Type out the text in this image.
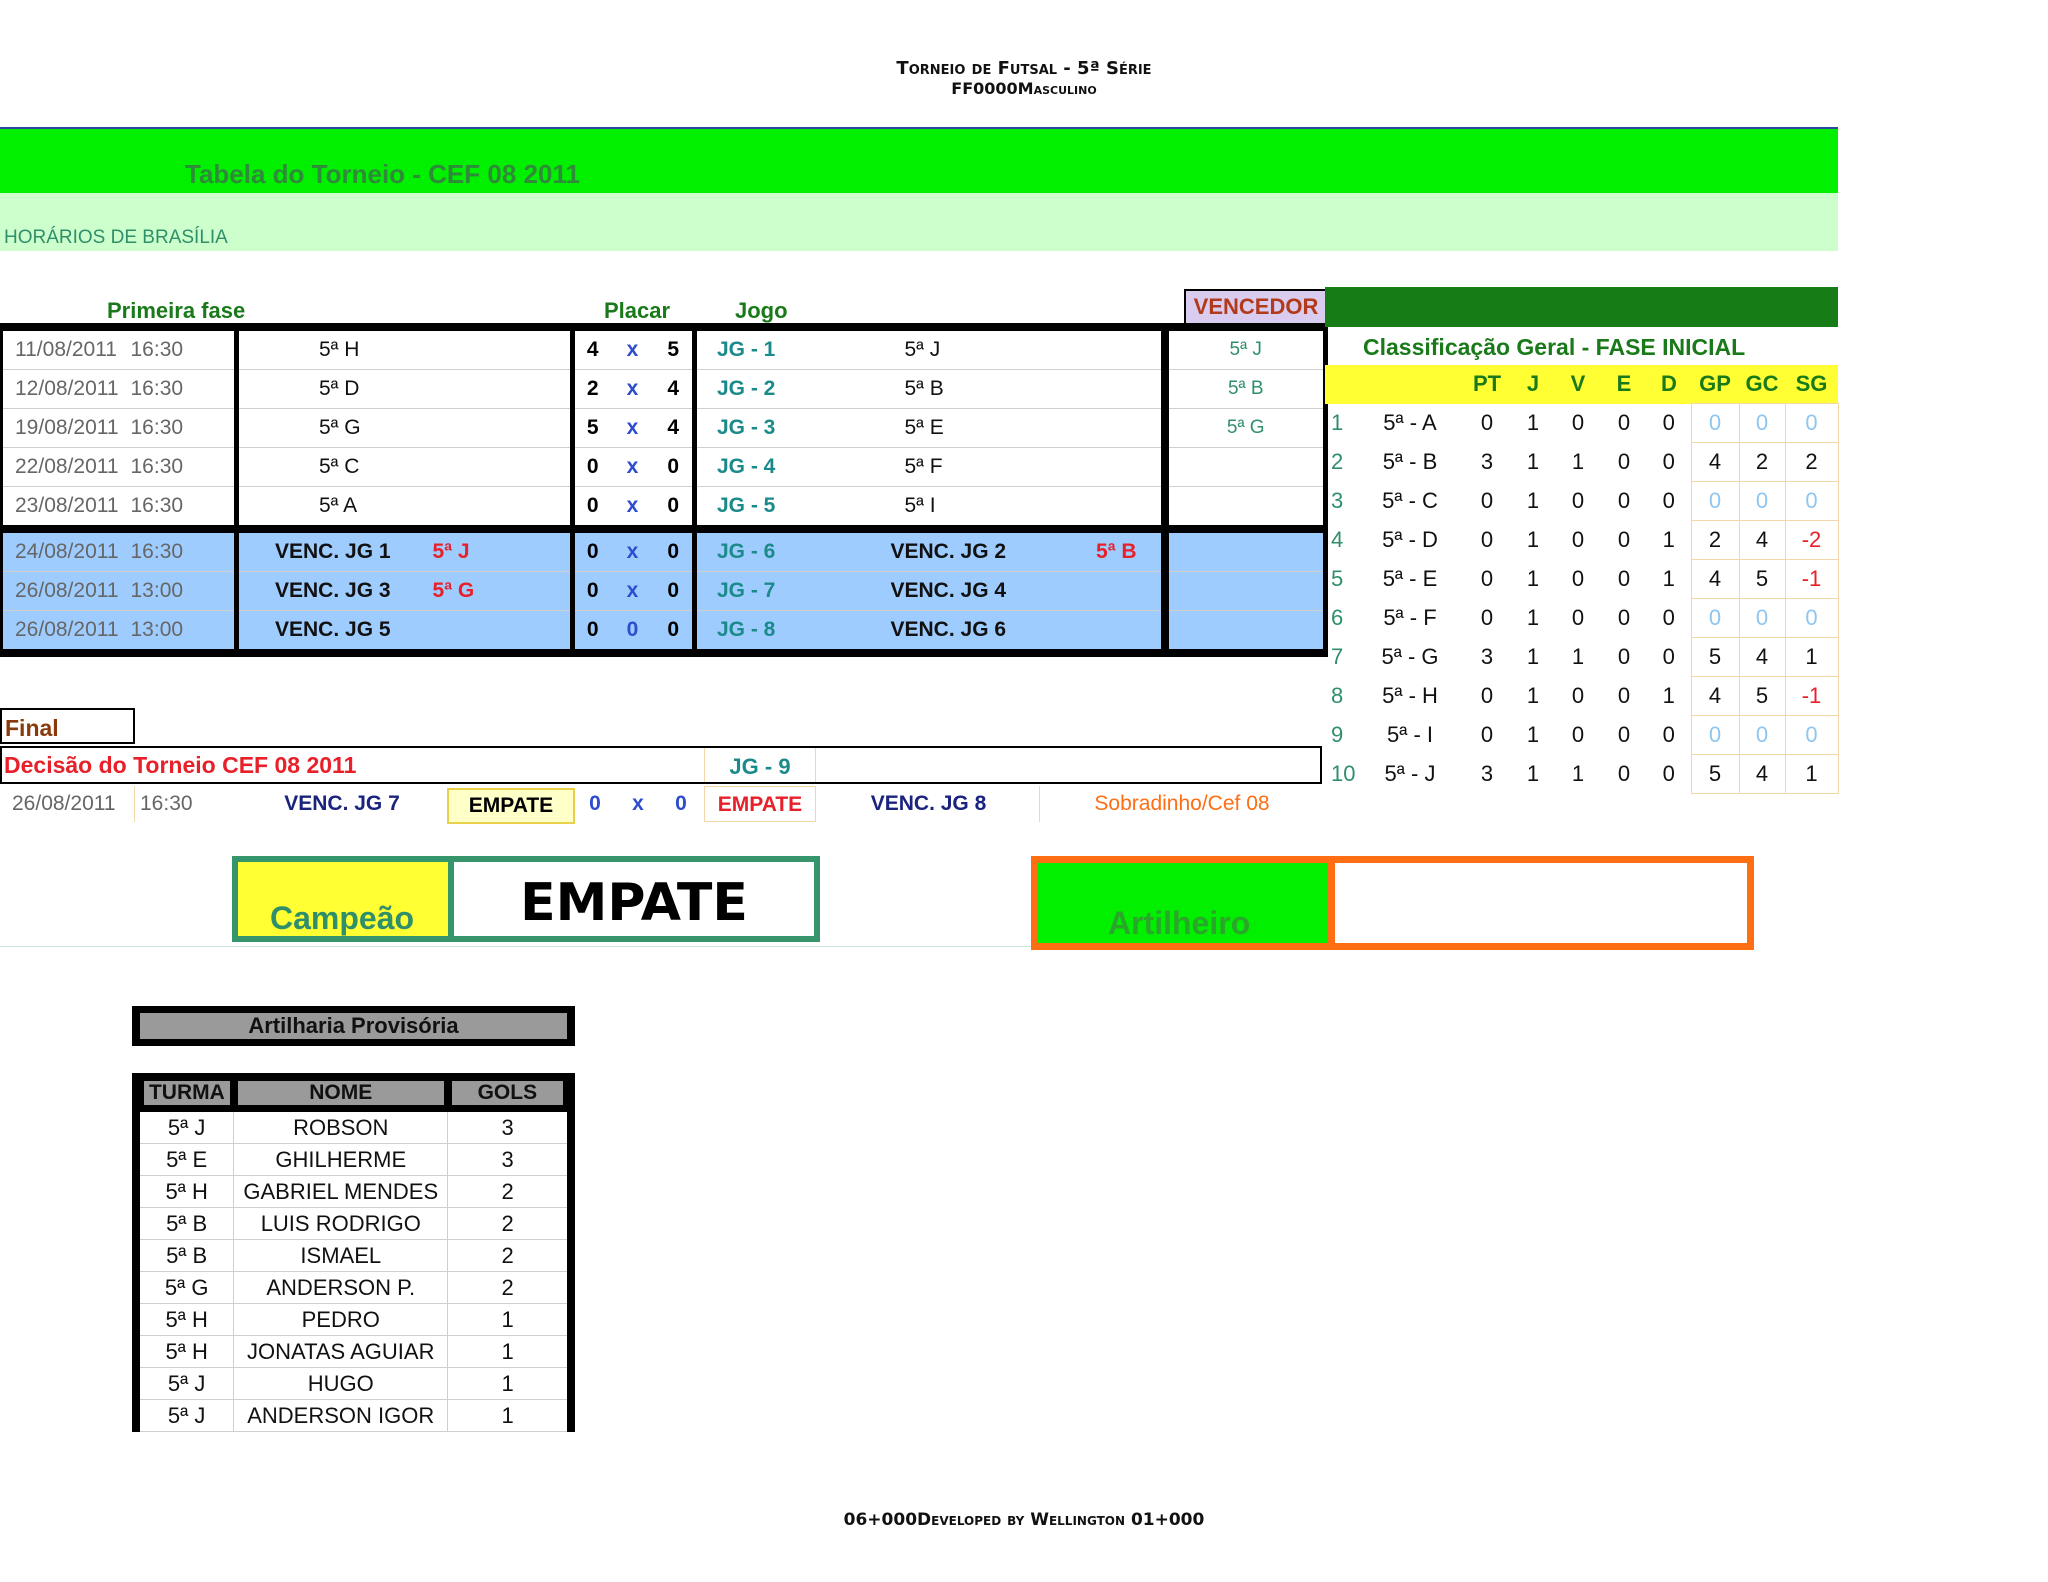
Torneio de Futsal - 5ª Série
FF0000Masculino
Tabela do Torneio - CEF 08 2011
HORÁRIOS DE BRASÍLIA
Primeira fase	Placar	Jogo	VENCEDOR
11/08/2011	16:30	5ª H	4	x	5	JG - 1	5ª J	5ª J
12/08/2011	16:30	5ª D	2	x	4	JG - 2	5ª B	5ª B
19/08/2011	16:30	5ª G	5	x	4	JG - 3	5ª E	5ª G
22/08/2011	16:30	5ª C	0	x	0	JG - 4	5ª F	
23/08/2011	16:30	5ª A	0	x	0	JG - 5	5ª I	
24/08/2011	16:30	VENC. JG 1 5ª J	0	x	0	JG - 6	VENC. JG 2 5ª B	
26/08/2011	13:00	VENC. JG 3 5ª G	0	x	0	JG - 7	VENC. JG 4	
26/08/2011	13:00	VENC. JG 5	0	0	0	JG - 8	VENC. JG 6	
Classificação Geral - FASE INICIAL
		PT	J	V	E	D	GP	GC	SG
1	5ª - A	0	1	0	0	0	0	0	0
2	5ª - B	3	1	1	0	0	4	2	2
3	5ª - C	0	1	0	0	0	0	0	0
4	5ª - D	0	1	0	0	1	2	4	-2
5	5ª - E	0	1	0	0	1	4	5	-1
6	5ª - F	0	1	0	0	0	0	0	0
7	5ª - G	3	1	1	0	0	5	4	1
8	5ª - H	0	1	0	0	1	4	5	-1
9	5ª - I	0	1	0	0	0	0	0	0
10	5ª - J	3	1	1	0	0	5	4	1
Final
Decisão do Torneio CEF 08 2011	JG - 9
26/08/2011	16:30	VENC. JG 7	EMPATE	0	x	0	EMPATE	VENC. JG 8	Sobradinho/Cef 08
Campeão	EMPATE	Artilheiro
Artilharia Provisória
TURMA	NOME	GOLS

5ª J	ROBSON	3
5ª E	GHILHERME	3
5ª H	GABRIEL MENDES	2
5ª B	LUIS RODRIGO	2
5ª B	ISMAEL	2
5ª G	ANDERSON P.	2
5ª H	PEDRO	1
5ª H	JONATAS AGUIAR	1
5ª J	HUGO	1
5ª J	ANDERSON IGOR	1
06+000Developed by Wellington 01+000
